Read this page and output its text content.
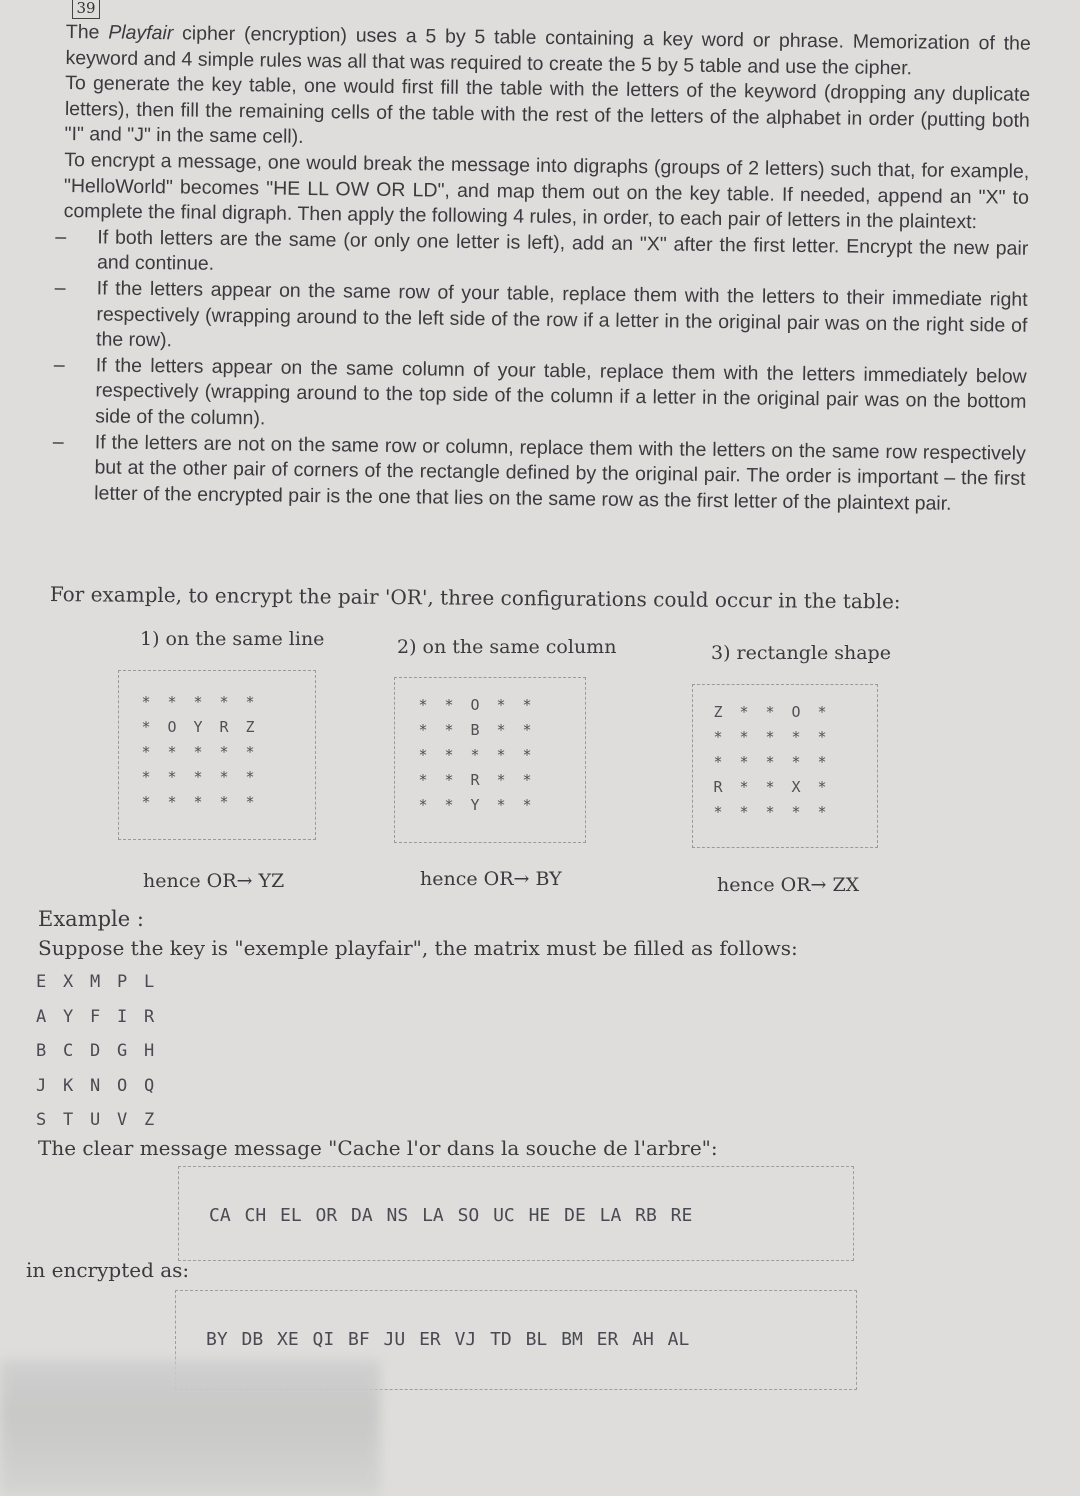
39

The Playfair cipher (encryption) uses a 5 by 5 table containing a key word or phrase. Memorization of the keyword and 4 simple rules was all that was required to create the 5 by 5 table and use the cipher.

To generate the key table, one would first fill the table with the letters of the keyword (dropping any duplicate letters), then fill the remaining cells of the table with the rest of the letters of the alphabet in order (putting both "I" and "J" in the same cell).

To encrypt a message, one would break the message into digraphs (groups of 2 letters) such that, for example, "HelloWorld" becomes "HE LL OW OR LD", and map them out on the key table. If needed, append an "X" to complete the final digraph. Then apply the following 4 rules, in order, to each pair of letters in the plaintext:

– If both letters are the same (or only one letter is left), add an "X" after the first letter. Encrypt the new pair and continue.
– If the letters appear on the same row of your table, replace them with the letters to their immediate right respectively (wrapping around to the left side of the row if a letter in the original pair was on the right side of the row).
– If the letters appear on the same column of your table, replace them with the letters immediately below respectively (wrapping around to the top side of the column if a letter in the original pair was on the bottom side of the column).
– If the letters are not on the same row or column, replace them with the letters on the same row respectively but at the other pair of corners of the rectangle defined by the original pair. The order is important – the first letter of the encrypted pair is the one that lies on the same row as the first letter of the plaintext pair.
For example, to encrypt the pair 'OR', three configurations could occur in the table:
1) on the same line
*	*	*	*	*
*	O	Y	R	Z
*	*	*	*	*
*	*	*	*	*
*	*	*	*	*
hence OR→ YZ
2) on the same column
*	*	O	*	*
*	*	B	*	*
*	*	*	*	*
*	*	R	*	*
*	*	Y	*	*
hence OR→ BY
3) rectangle shape
Z	*	*	O	*
*	*	*	*	*
*	*	*	*	*
R	*	*	X	*
*	*	*	*	*
hence OR→ ZX
Example :
Suppose the key is "exemple playfair", the matrix must be filled as follows:
E X M P L
A Y F I R
B C D G H
J K N O Q
S T U V Z
The clear message message "Cache l'or dans la souche de l'arbre":
CA CH EL OR DA NS LA SO UC HE DE LA RB RE
in encrypted as:
BY DB XE QI BF JU ER VJ TD BL BM ER AH AL
